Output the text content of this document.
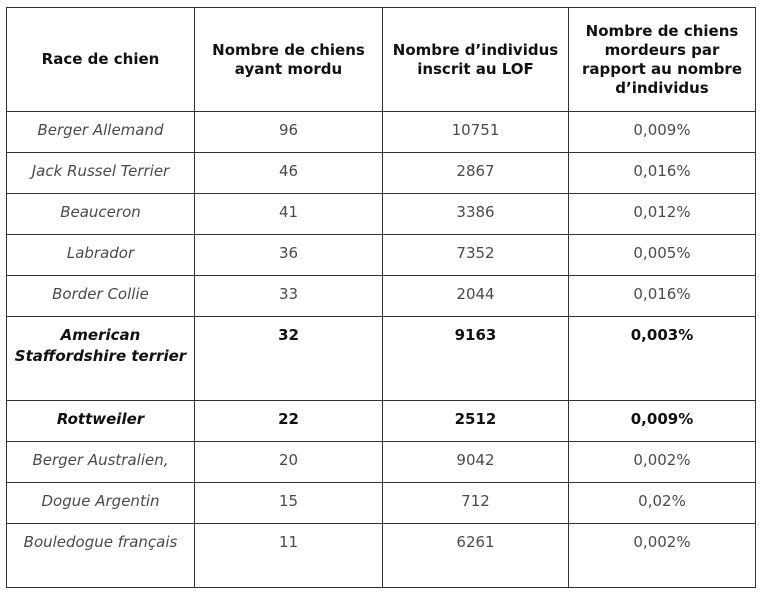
Race de chien	Nombre de chiens ayant mordu	Nombre d’individus inscrit au LOF	Nombre de chiens mordeurs par rapport au nombre d’individus
Berger Allemand	96	10751	0,009%
Jack Russel Terrier	46	2867	0,016%
Beauceron	41	3386	0,012%
Labrador	36	7352	0,005%
Border Collie	33	2044	0,016%
American Staffordshire terrier	32	9163	0,003%
Rottweiler	22	2512	0,009%
Berger Australien,	20	9042	0,002%
Dogue Argentin	15	712	0,02%
Bouledogue français	11	6261	0,002%
